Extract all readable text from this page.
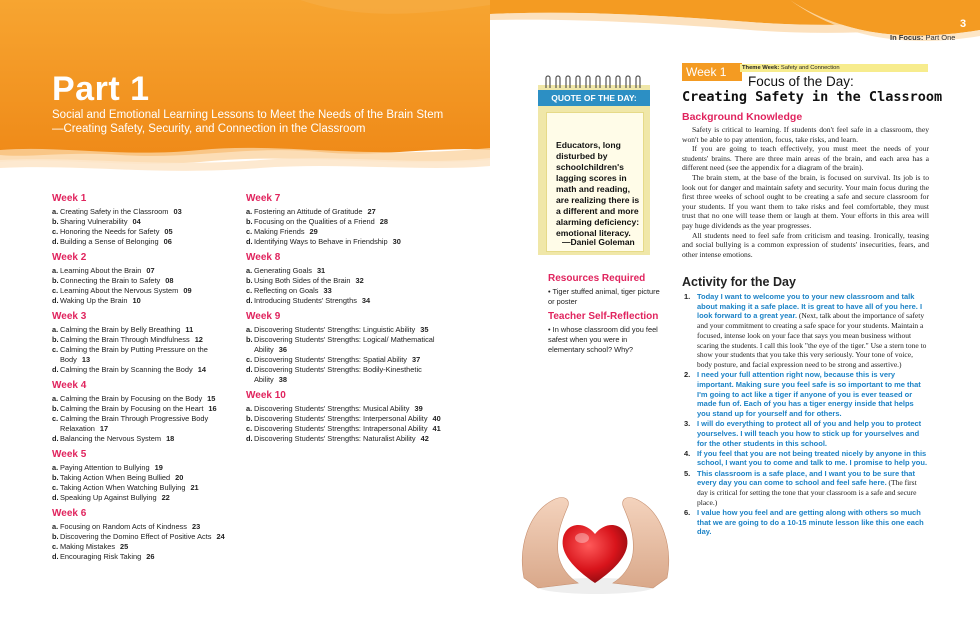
Part 1
Social and Emotional Learning Lessons to Meet the Needs of the Brain Stem—Creating Safety, Security, and Connection in the Classroom
Week 1
a. Creating Safety in the Classroom 03
b. Sharing Vulnerability 04
c. Honoring the Needs for Safety 05
d. Building a Sense of Belonging 06
Week 2
a. Learning About the Brain 07
b. Connecting the Brain to Safety 08
c. Learning About the Nervous System 09
d. Waking Up the Brain 10
Week 3
a. Calming the Brain by Belly Breathing 11
b. Calming the Brain Through Mindfulness 12
c. Calming the Brain by Putting Pressure on the Body 13
d. Calming the Brain by Scanning the Body 14
Week 4
a. Calming the Brain by Focusing on the Body 15
b. Calming the Brain by Focusing on the Heart 16
c. Calming the Brain Through Progressive Body Relaxation 17
d. Balancing the Nervous System 18
Week 5
a. Paying Attention to Bullying 19
b. Taking Action When Being Bullied 20
c. Taking Action When Watching Bullying 21
d. Speaking Up Against Bullying 22
Week 6
a. Focusing on Random Acts of Kindness 23
b. Discovering the Domino Effect of Positive Acts 24
c. Making Mistakes 25
d. Encouraging Risk Taking 26
Week 7
a. Fostering an Attitude of Gratitude 27
b. Focusing on the Qualities of a Friend 28
c. Making Friends 29
d. Identifying Ways to Behave in Friendship 30
Week 8
a. Generating Goals 31
b. Using Both Sides of the Brain 32
c. Reflecting on Goals 33
d. Introducing Students' Strengths 34
Week 9
a. Discovering Students' Strengths: Linguistic Ability 35
b. Discovering Students' Strengths: Logical/ Mathematical Ability 36
c. Discovering Students' Strengths: Spatial Ability 37
d. Discovering Students' Strengths: Bodily-Kinesthetic Ability 38
Week 10
a. Discovering Students' Strengths: Musical Ability 39
b. Discovering Students' Strengths: Interpersonal Ability 40
c. Discovering Students' Strengths: Intrapersonal Ability 41
d. Discovering Students' Strengths: Naturalist Ability 42
3
In Focus: Part One
QUOTE OF THE DAY:
Educators, long disturbed by schoolchildren's lagging scores in math and reading, are realizing there is a different and more alarming deficiency: emotional literacy.
—Daniel Goleman
Resources Required
• Tiger stuffed animal, tiger picture or poster
Teacher Self-Reflection
• In whose classroom did you feel safest when you were in elementary school? Why?
Week 1	Theme Week: Safety and Connection
Focus of the Day:
Creating Safety in the Classroom
Background Knowledge

Safety is critical to learning. If students don't feel safe in a classroom, they won't be able to pay attention, focus, take risks, and learn.

If you are going to teach effectively, you must meet the needs of your students' brains. There are three main areas of the brain, and each area has a different need (see the appendix for a diagram of the brain).

The brain stem, at the base of the brain, is focused on survival. Its job is to look out for danger and maintain safety and security. Your main focus during the first three weeks of school ought to be creating a safe and secure classroom for your students. If you want them to take risks and feel comfortable, they must trust that no one will tease them or laugh at them. Your efforts in this area will pay huge dividends as the year progresses.

All students need to feel safe from criticism and teasing. Ironically, teasing and social bullying is a common expression of students' insecurities, fears, and other intense emotions.

Activity for the Day
1. Today I want to welcome you to your new classroom and talk about making it a safe place. It is great to have all of you here. I look forward to a great year. (Next, talk about the importance of safety and your commitment to creating a safe space for your students. Maintain a focused, intense look on your face that says you mean business without scaring the students. I call this look "the eye of the tiger." Use a stern tone to show your students that you take this very seriously. Your tone of voice, body posture, and facial expression need to be strong and assertive.)
2. I need your full attention right now, because this is very important. Making sure you feel safe is so important to me that I'm going to act like a tiger if anyone of you is ever teased or made fun of. Each of you has a tiger energy inside that helps you stand up for yourself and for others.
3. I will do everything to protect all of you and help you to protect yourselves. I will teach you how to stick up for yourselves and for the other students in this school.
4. If you feel that you are not being treated nicely by anyone in this school, I want you to come and talk to me. I promise to help you.
5. This classroom is a safe place, and I want you to be sure that every day you can come to school and feel safe here. (The first day is critical for setting the tone that your classroom is a safe and secure place.)
6. I value how you feel and are getting along with others so much that we are going to do a 10-15 minute lesson like this one each day.
